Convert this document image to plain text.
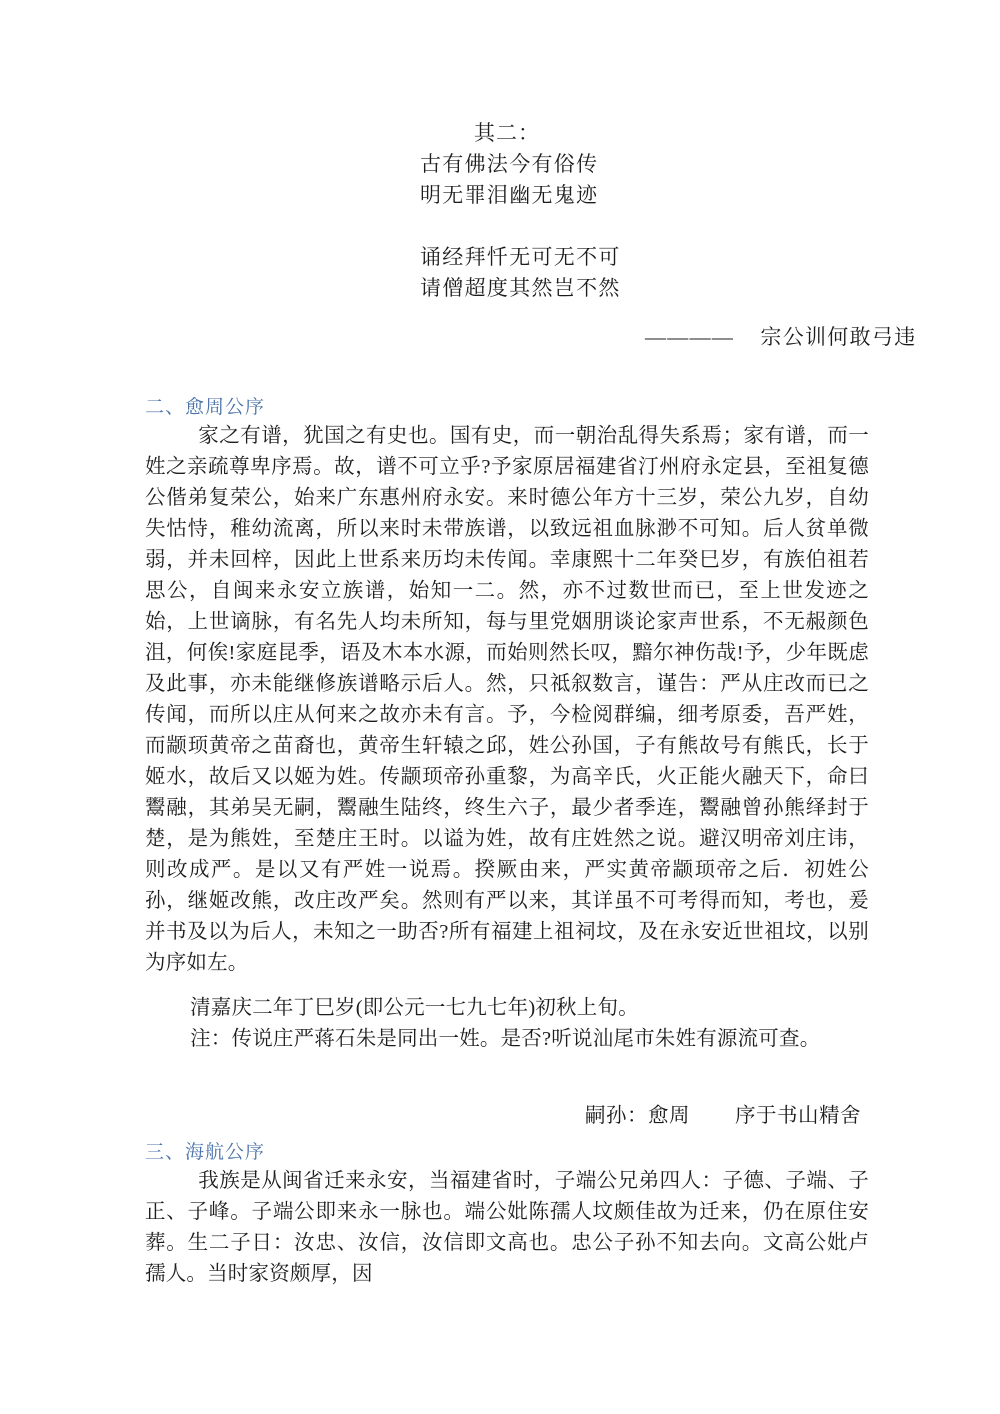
其二：
古有佛法今有俗传
明无罪泪幽无鬼迹
诵经拜忏无可无不可
请僧超度其然岂不然
————    宗公训何敢弓违
二、愈周公序

家之有谱，犹国之有史也。国有史，而一朝治乱得失系焉；家有谱，而一姓之亲疏尊卑序焉。故，谱不可立乎?予家原居福建省汀州府永定县，至祖复德公偕弟复荣公，始来广东惠州府永安。来时德公年方十三岁，荣公九岁，自幼失怙恃，稚幼流离，所以来时未带族谱，以致远祖血脉渺不可知。后人贫单微弱，并未回梓，因此上世系来历均未传闻。幸康熙十二年癸巳岁，有族伯祖若思公，自闽来永安立族谱，始知一二。然，亦不过数世而已，至上世发迹之始，上世谪脉，有名先人均未所知，每与里党姻朋谈论家声世系，不无赧颜色沮，何俟!家庭昆季，语及木本水源，而始则然长叹，黯尔神伤哉!予，少年既虑及此事，亦未能继修族谱略示后人。然，只祗叙数言，谨告：严从庄改而已之传闻，而所以庄从何来之故亦未有言。予，今检阅群编，细考原委，吾严姓，而颛顼黄帝之苗裔也，黄帝生轩辕之邱，姓公孙国，子有熊故号有熊氏，长于姬水，故后又以姬为姓。传颛顼帝孙重黎，为高辛氏，火正能火融天下，命曰鬻融，其弟吴无嗣，鬻融生陆终，终生六子，最少者季连，鬻融曾孙熊绎封于楚，是为熊姓，至楚庄王时。以谥为姓，故有庄姓然之说。避汉明帝刘庄讳，则改成严。是以又有严姓一说焉。揆厥由来，严实黄帝颛顼帝之后．初姓公孙，继姬改熊，改庄改严矣。然则有严以来，其详虽不可考得而知，考也，爰并书及以为后人，未知之一助否?所有福建上祖祠坟，及在永安近世祖坟，以别为序如左。

清嘉庆二年丁巳岁(即公元一七九七年)初秋上旬。

注：传说庄严蒋石朱是同出一姓。是否?听说汕尾市朱姓有源流可查。

嗣孙：愈周        序于书山精舍
三、海航公序

我族是从闽省迁来永安，当福建省时，子端公兄弟四人：子德、子端、子正、子峰。子端公即来永一脉也。端公妣陈孺人坟颇佳故为迁来，仍在原住安葬。生二子日：汝忠、汝信，汝信即文高也。忠公子孙不知去向。文高公妣卢孺人。当时家资颇厚，因
